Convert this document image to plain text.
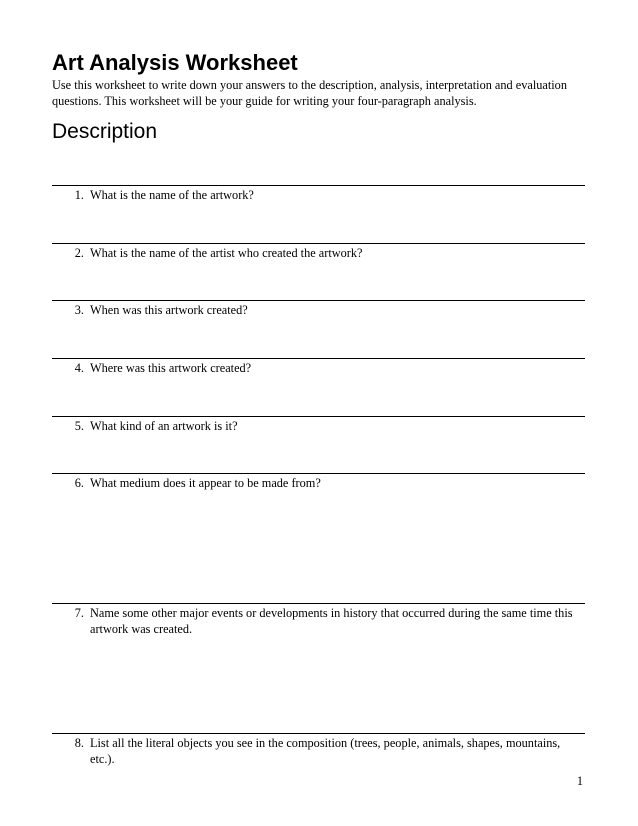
Art Analysis Worksheet

Use this worksheet to write down your answers to the description, analysis, interpretation and evaluation questions. This worksheet will be your guide for writing your four-paragraph analysis.

Description
1. What is the name of the artwork?
2. What is the name of the artist who created the artwork?
3. When was this artwork created?
4. Where was this artwork created?
5. What kind of an artwork is it?
6. What medium does it appear to be made from?
7. Name some other major events or developments in history that occurred during the same time this artwork was created.
8. List all the literal objects you see in the composition (trees, people, animals, shapes, mountains, etc.).
1
